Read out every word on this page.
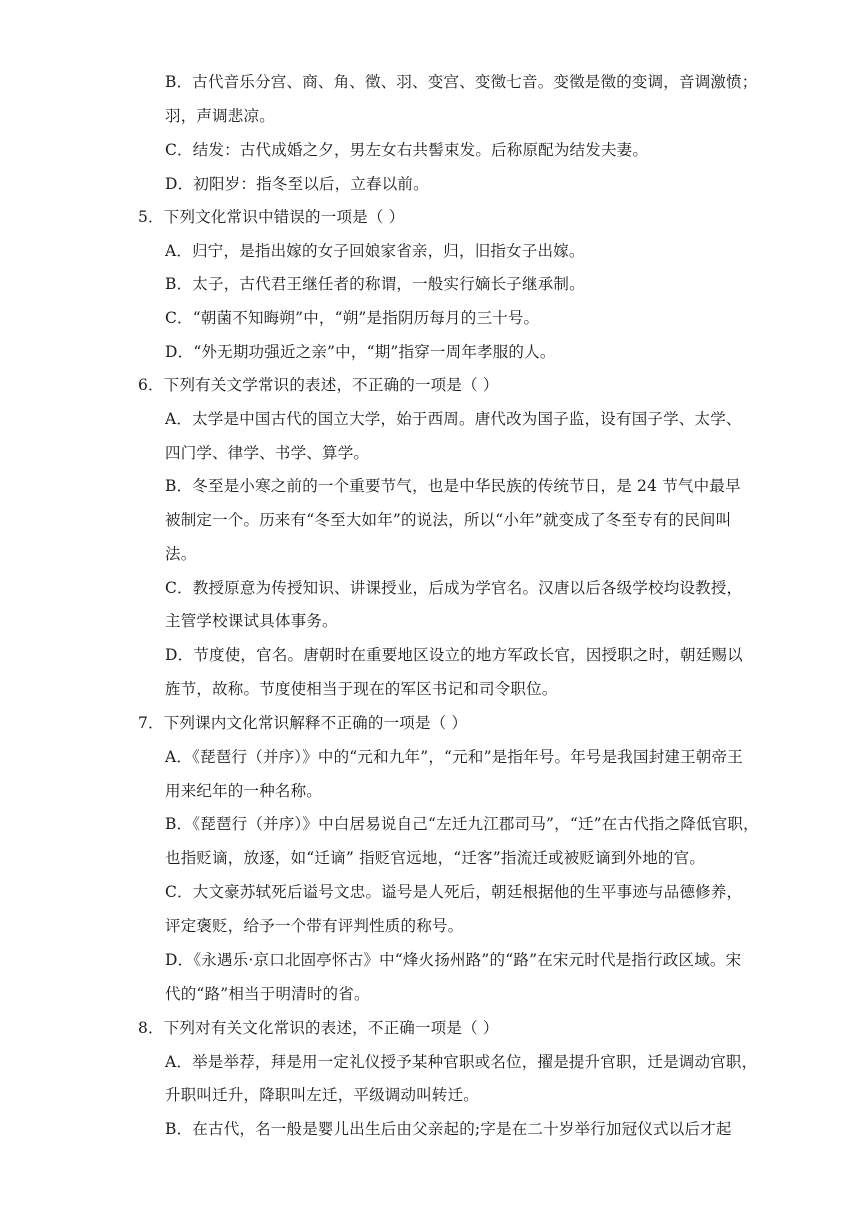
B．古代音乐分宫、商、角、徵、羽、变宫、变徵七音。变徵是徵的变调，音调激愤；
羽，声调悲凉。
C．结发：古代成婚之夕，男左女右共髻束发。后称原配为结发夫妻。
D．初阳岁：指冬至以后，立春以前。
5．下列文化常识中错误的一项是（ ）
A．归宁，是指出嫁的女子回娘家省亲，归，旧指女子出嫁。
B．太子，古代君王继任者的称谓，一般实行嫡长子继承制。
C．“朝菌不知晦朔”中，“朔”是指阴历每月的三十号。
D．“外无期功强近之亲”中，“期”指穿一周年孝服的人。
6．下列有关文学常识的表述，不正确的一项是（ ）
A．太学是中国古代的国立大学，始于西周。唐代改为国子监，设有国子学、太学、
四门学、律学、书学、算学。
B．冬至是小寒之前的一个重要节气，也是中华民族的传统节日，是 24 节气中最早
被制定一个。历来有“冬至大如年”的说法，所以“小年”就变成了冬至专有的民间叫
法。
C．教授原意为传授知识、讲课授业，后成为学官名。汉唐以后各级学校均设教授，
主管学校课试具体事务。
D．节度使，官名。唐朝时在重要地区设立的地方军政长官，因授职之时，朝廷赐以
旌节，故称。节度使相当于现在的军区书记和司令职位。
7．下列课内文化常识解释不正确的一项是（ ）
A．《琵琶行（并序）》中的“元和九年”，“元和”是指年号。年号是我国封建王朝帝王
用来纪年的一种名称。
B．《琵琶行（并序）》中白居易说自己“左迁九江郡司马”，“迁”在古代指之降低官职，
也指贬谪，放逐，如“迁谪” 指贬官远地，“迁客”指流迁或被贬谪到外地的官。
C．大文豪苏轼死后谥号文忠。谥号是人死后，朝廷根据他的生平事迹与品德修养，
评定褒贬，给予一个带有评判性质的称号。
D．《永遇乐·京口北固亭怀古》中“烽火扬州路”的“路”在宋元时代是指行政区域。宋
代的“路”相当于明清时的省。
8．下列对有关文化常识的表述，不正确一项是（ ）
A．举是举荐，拜是用一定礼仪授予某种官职或名位，擢是提升官职，迁是调动官职，
升职叫迁升，降职叫左迁，平级调动叫转迁。
B．在古代，名一般是婴儿出生后由父亲起的;字是在二十岁举行加冠仪式以后才起
